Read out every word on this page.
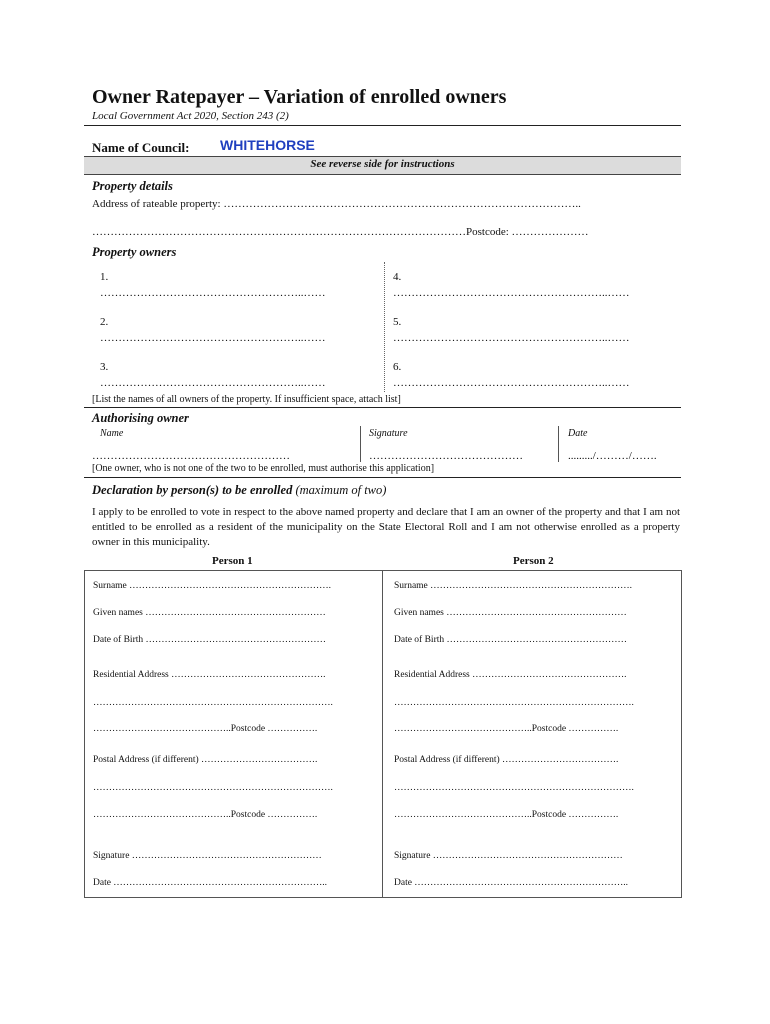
Owner Ratepayer – Variation of enrolled owners
Local Government Act 2020, Section 243 (2)
Name of Council: WHITEHORSE
See reverse side for instructions
Property details
Address of rateable property: ……………………………………………………………………………………..
…………………………………………………………………………………………Postcode: …………………
Property owners
1.
………………………………………………..……
2.
………………………………………………..……
3.
………………………………………………..……
4.
…………………………………………………..……
5.
…………………………………………………..……
6.
…………………………………………………..……
[List the names of all owners of the property. If insufficient space, attach list]
Authorising owner
Name	Signature	Date
………………………………………………	……………………………………	........./………/…….
[One owner, who is not one of the two to be enrolled, must authorise this application]
Declaration by person(s) to be enrolled (maximum of two)
I apply to be enrolled to vote in respect to the above named property and declare that I am an owner of the property and that I am not entitled to be enrolled as a resident of the municipality on the State Electoral Roll and I am not otherwise enrolled as a property owner in this municipality.
Person 1	Person 2
Surname ……………………………………………………….
Given names …………………………………………………
Date of Birth …………………………………………………
Residential Address ………………………………………….
………………………………………………………………….
……………………………………..Postcode …………….
Postal Address (if different) ……………………………….
………………………………………………………………….
……………………………………..Postcode …………….
Signature ……………………………………………………
Date …………………………………………………………..
Surname ……………………………………………………….
Given names …………………………………………………
Date of Birth …………………………………………………
Residential Address ………………………………………….
………………………………………………………………….
……………………………………..Postcode …………….
Postal Address (if different) ……………………………….
………………………………………………………………….
……………………………………..Postcode …………….
Signature ……………………………………………………
Date …………………………………………………………..
